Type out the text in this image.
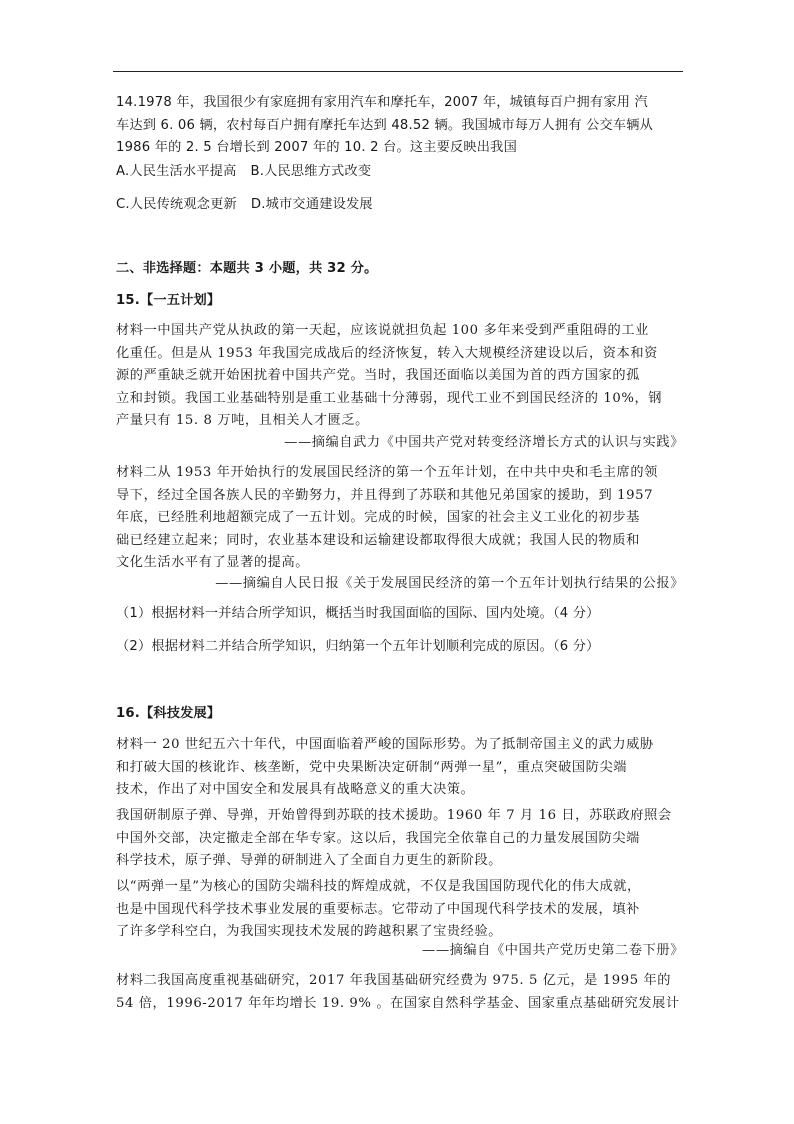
14.1978 年，我国很少有家庭拥有家用汽车和摩托车，2007 年，城镇每百户拥有家用 汽
车达到 6. 06 辆，农村每百户拥有摩托车达到 48.52 辆。我国城市每万人拥有 公交车辆从
1986 年的 2. 5 台增长到 2007 年的 10. 2 台。这主要反映出我国
A.人民生活水平提高 B.人民思维方式改变
C.人民传统观念更新 D.城市交通建设发展
二、非选择题：本题共 3 小题，共 32 分。
15.【一五计划】
材料一中国共产党从执政的第一天起，应该说就担负起 100 多年来受到严重阻碍的工业
化重任。但是从 1953 年我国完成战后的经济恢复，转入大规模经济建设以后，资本和资
源的严重缺乏就开始困扰着中国共产党。当时，我国还面临以美国为首的西方国家的孤
立和封锁。我国工业基础特别是重工业基础十分薄弱，现代工业不到国民经济的 10%，钢
产量只有 15. 8 万吨，且相关人才匮乏。
——摘编自武力《中国共产党对转变经济增长方式的认识与实践》
材料二从 1953 年开始执行的发展国民经济的第一个五年计划，在中共中央和毛主席的领
导下，经过全国各族人民的辛勤努力，并且得到了苏联和其他兄弟国家的援助，到 1957
年底，已经胜利地超额完成了一五计划。完成的时候，国家的社会主义工业化的初步基
础已经建立起来；同时，农业基本建设和运输建设都取得很大成就；我国人民的物质和
文化生活水平有了显著的提高。
——摘编自人民日报《关于发展国民经济的第一个五年计划执行结果的公报》
（1）根据材料一并结合所学知识，概括当时我国面临的国际、国内处境。（4 分）
（2）根据材料二并结合所学知识，归纳第一个五年计划顺利完成的原因。（6 分）
16.【科技发展】
材料一 20 世纪五六十年代，中国面临着严峻的国际形势。为了抵制帝国主义的武力威胁
和打破大国的核讹诈、核垄断，党中央果断决定研制“两弹一星”，重点突破国防尖端
技术，作出了对中国安全和发展具有战略意义的重大决策。
我国研制原子弹、导弹，开始曾得到苏联的技术援助。1960 年 7 月 16 日，苏联政府照会
中国外交部，决定撤走全部在华专家。这以后，我国完全依靠自己的力量发展国防尖端
科学技术，原子弹、导弹的研制进入了全面自力更生的新阶段。
以“两弹一星”为核心的国防尖端科技的辉煌成就，不仅是我国国防现代化的伟大成就，
也是中国现代科学技术事业发展的重要标志。它带动了中国现代科学技术的发展，填补
了许多学科空白，为我国实现技术发展的跨越积累了宝贵经验。
——摘编自《中国共产党历史第二卷下册》
材料二我国高度重视基础研究，2017 年我国基础研究经费为 975. 5 亿元，是 1995 年的
54 倍，1996-2017 年年均增长 19. 9% 。在国家自然科学基金、国家重点基础研究发展计
